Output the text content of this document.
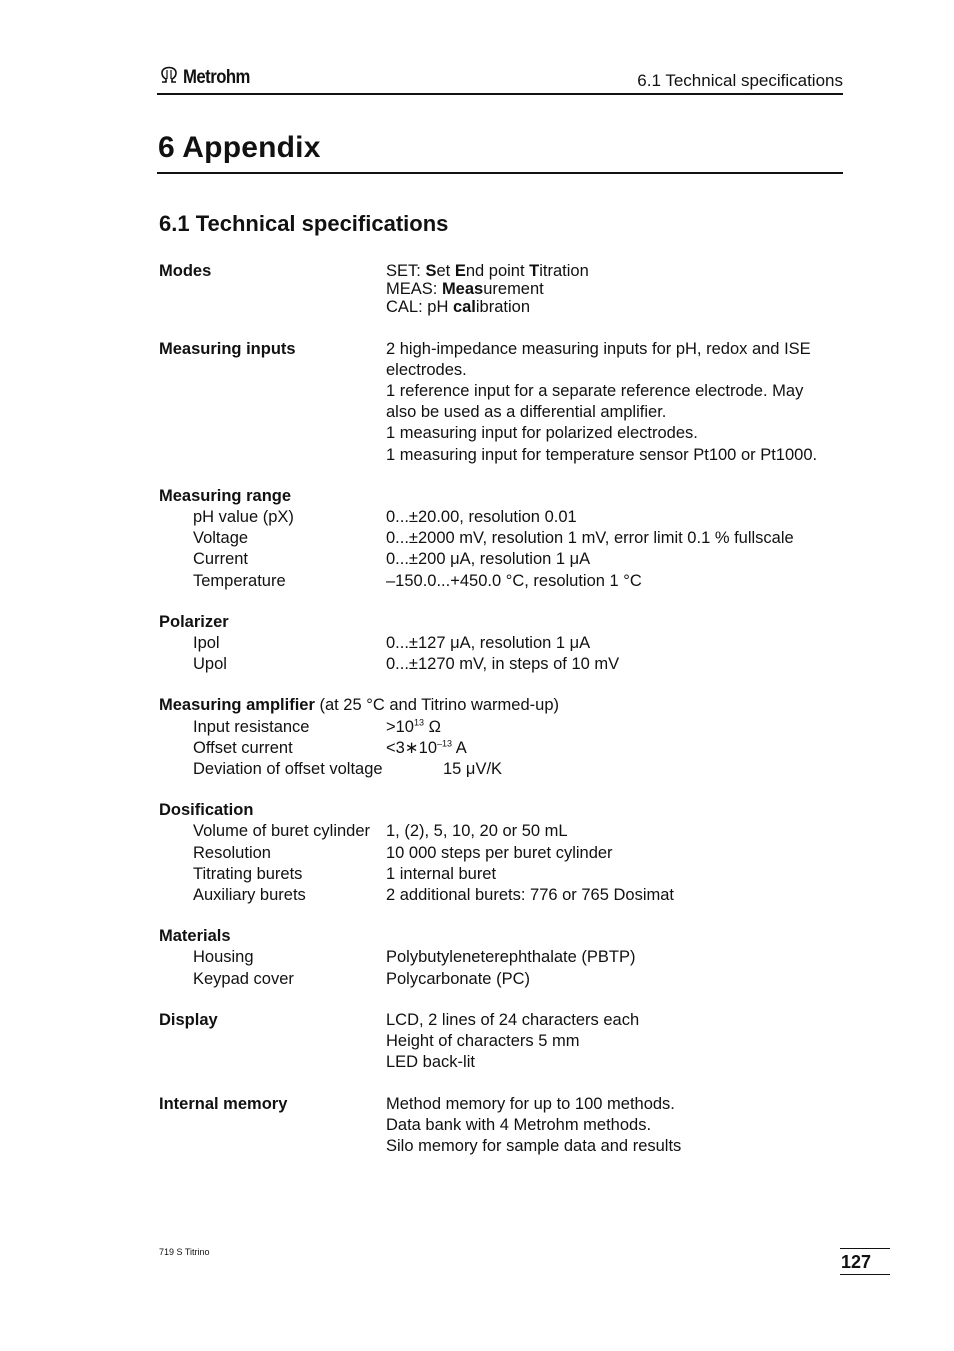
Metrohm	6.1 Technical specifications
6 Appendix
6.1 Technical specifications
Modes	SET: Set End point Titration
MEAS: Measurement
CAL: pH calibration
Measuring inputs	2 high-impedance measuring inputs for pH, redox and ISE
electrodes.
1 reference input for a separate reference electrode. May
also be used as a differential amplifier.
1 measuring input for polarized electrodes.
1 measuring input for temperature sensor Pt100 or Pt1000.
Measuring range
pH value (pX)	0...±20.00, resolution 0.01
Voltage	0...±2000 mV, resolution 1 mV, error limit 0.1 % fullscale
Current	0...±200 μA, resolution 1 μA
Temperature	–150.0...+450.0 °C, resolution 1 °C
Polarizer
Ipol	0...±127 μA, resolution 1 μA
Upol	0...±1270 mV, in steps of 10 mV
Measuring amplifier (at 25 °C and Titrino warmed-up)
Input resistance	$>10^{13}$ Ω
Offset current	$<3∗10^{-13}$ A
Deviation of offset voltage	15 μV/K
Dosification
Volume of buret cylinder 1, (2), 5, 10, 20 or 50 mL
Resolution	10 000 steps per buret cylinder
Titrating burets	1 internal buret
Auxiliary burets	2 additional burets: 776 or 765 Dosimat
Materials
Housing	Polybutyleneterephthalate (PBTP)
Keypad cover	Polycarbonate (PC)
Display	LCD, 2 lines of 24 characters each
Height of characters 5 mm
LED back-lit
Internal memory	Method memory for up to 100 methods.
Data bank with 4 Metrohm methods.
Silo memory for sample data and results
719 S Titrino	127
